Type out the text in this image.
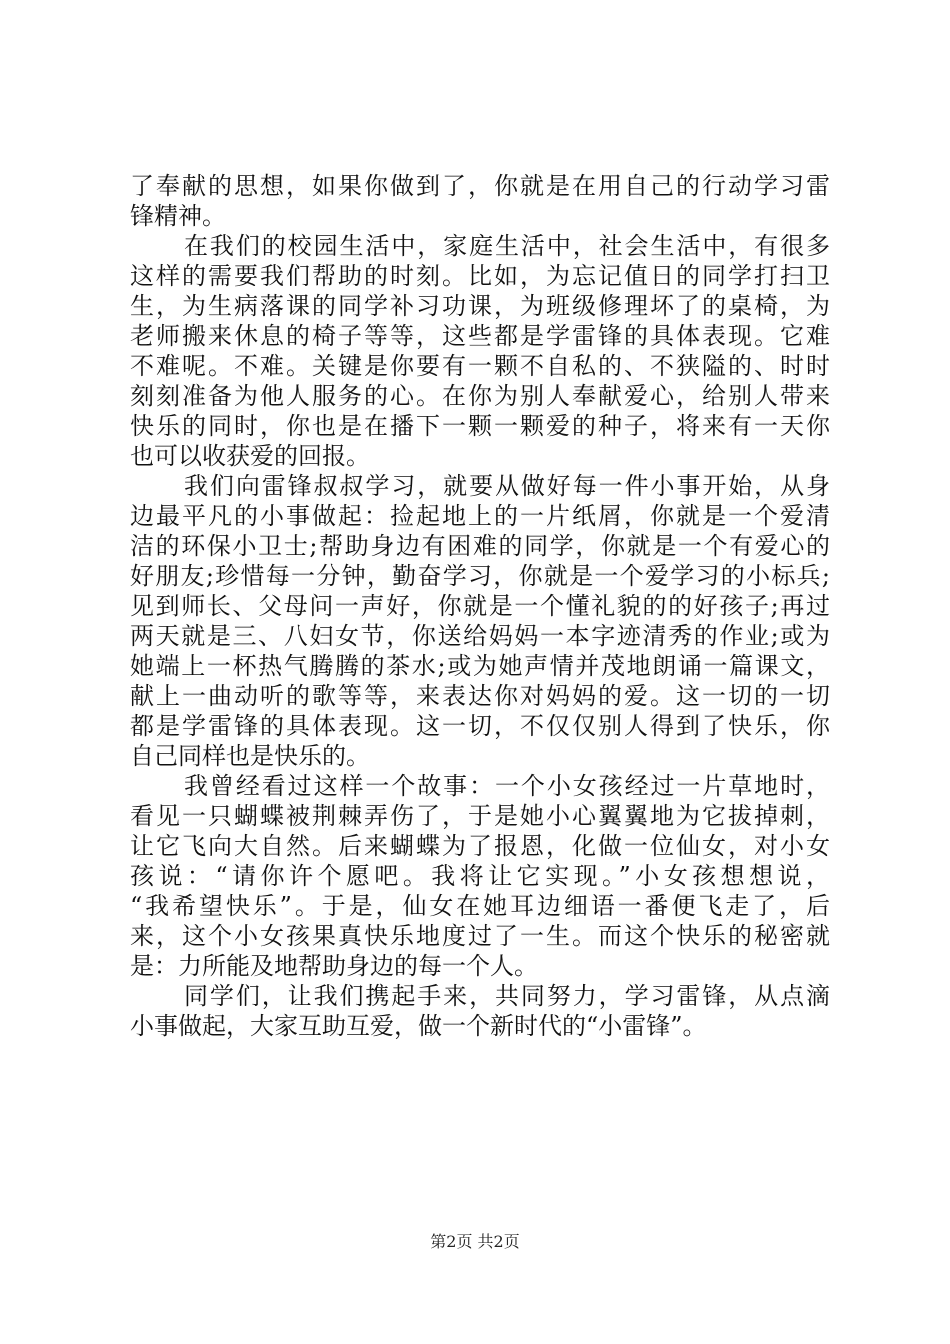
了奉献的思想，如果你做到了，你就是在用自己的行动学习雷
锋精神。
在我们的校园生活中，家庭生活中，社会生活中，有很多
这样的需要我们帮助的时刻。比如，为忘记值日的同学打扫卫
生，为生病落课的同学补习功课，为班级修理坏了的桌椅，为
老师搬来休息的椅子等等，这些都是学雷锋的具体表现。它难
不难呢。不难。关键是你要有一颗不自私的、不狭隘的、时时
刻刻准备为他人服务的心。在你为别人奉献爱心，给别人带来
快乐的同时，你也是在播下一颗一颗爱的种子，将来有一天你
也可以收获爱的回报。
我们向雷锋叔叔学习，就要从做好每一件小事开始，从身
边最平凡的小事做起：捡起地上的一片纸屑，你就是一个爱清
洁的环保小卫士;帮助身边有困难的同学，你就是一个有爱心的
好朋友;珍惜每一分钟，勤奋学习，你就是一个爱学习的小标兵;
见到师长、父母问一声好，你就是一个懂礼貌的的好孩子;再过
两天就是三、八妇女节，你送给妈妈一本字迹清秀的作业;或为
她端上一杯热气腾腾的茶水;或为她声情并茂地朗诵一篇课文，
献上一曲动听的歌等等，来表达你对妈妈的爱。这一切的一切
都是学雷锋的具体表现。这一切，不仅仅别人得到了快乐，你
自己同样也是快乐的。
我曾经看过这样一个故事：一个小女孩经过一片草地时，
看见一只蝴蝶被荆棘弄伤了，于是她小心翼翼地为它拔掉刺，
让它飞向大自然。后来蝴蝶为了报恩，化做一位仙女，对小女
孩说：“请你许个愿吧。我将让它实现。”小女孩想想说，
“我希望快乐”。于是，仙女在她耳边细语一番便飞走了，后
来，这个小女孩果真快乐地度过了一生。而这个快乐的秘密就
是：力所能及地帮助身边的每一个人。
同学们，让我们携起手来，共同努力，学习雷锋，从点滴
小事做起，大家互助互爱，做一个新时代的“小雷锋”。
第2页 共2页
